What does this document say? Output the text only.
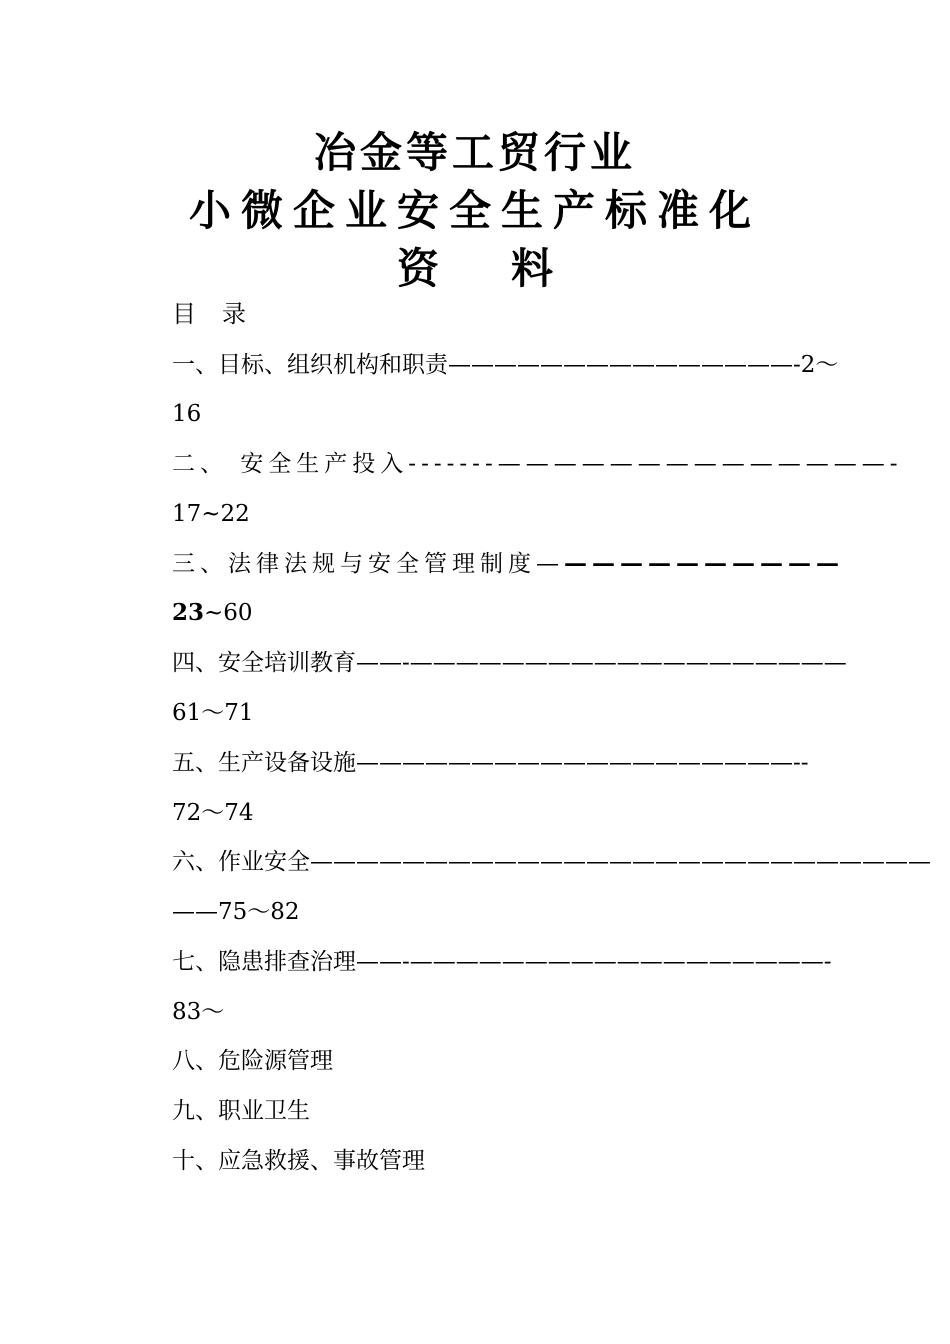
冶金等工贸行业
小微企业安全生产标准化
资 料
目 录
一、目标、组织机构和职责———————————————-2～
16
二、 安全生产投入-------——————————————-
17~22
三、法律法规与安全管理制度———————————
23~60
四、安全培训教育——-———————————————————
61～71
五、生产设备设施———————————————————--
72～74
六、作业安全———————————————————————————
——75～82
七、隐患排查治理——-——————————————————-
83～
八、危险源管理
九、职业卫生
十、应急救援、事故管理
